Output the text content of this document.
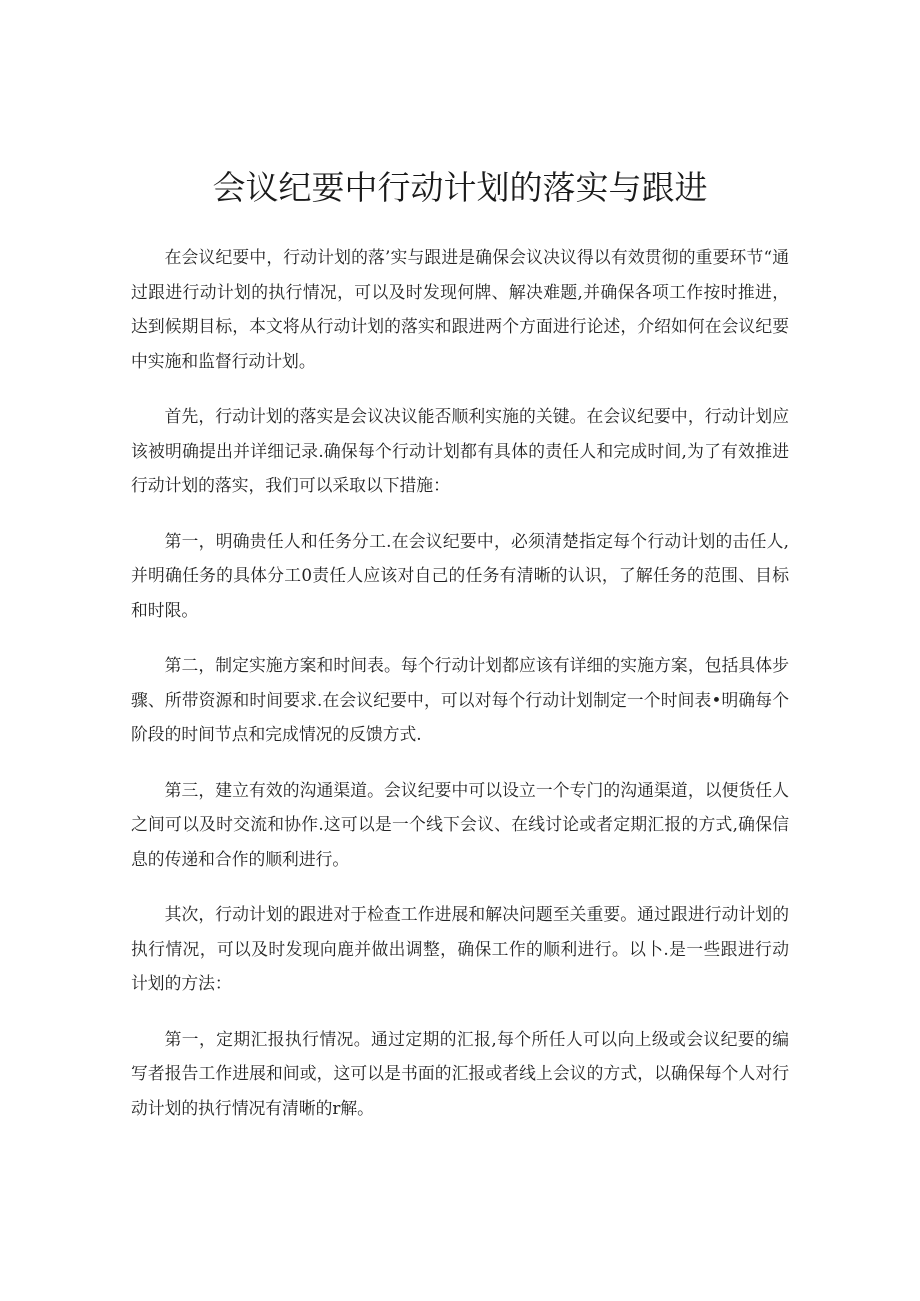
会议纪要中行动计划的落实与跟进

在会议纪要中，行动计划的落’实与跟进是确保会议决议得以有效贯彻的重要环节“通过跟进行动计划的执行情况，可以及时发现何牌、解决难题,并确保各项工作按时推进，达到候期目标，本文将从行动计划的落实和跟进两个方面进行论述，介绍如何在会议纪要中实施和监督行动计划。

首先，行动计划的落实是会议决议能否顺利实施的关键。在会议纪要中，行动计划应该被明确提出并详细记录.确保每个行动计划都有具体的责任人和完成时间,为了有效推进行动计划的落实，我们可以采取以下措施：

第一，明确贵任人和任务分工.在会议纪要中，必须清楚指定每个行动计划的击任人,并明确任务的具体分工0责任人应该对自己的任务有清晰的认识，了解任务的范围、目标和时限。

第二，制定实施方案和时间表。每个行动计划都应该有详细的实施方案，包括具体步骤、所带资源和时间要求.在会议纪要中，可以对每个行动计划制定一个时间表•明确每个阶段的时间节点和完成情况的反馈方式.

第三，建立有效的沟通渠道。会议纪要中可以设立一个专门的沟通渠道，以便货任人之间可以及时交流和协作.这可以是一个线下会议、在线讨论或者定期汇报的方式,确保信息的传递和合作的顺利进行。

其次，行动计划的跟进对于检查工作进展和解决问题至关重要。通过跟进行动计划的执行情况，可以及时发现向鹿并做出调整，确保工作的顺利进行。以卜.是一些跟进行动计划的方法：

第一，定期汇报执行情况。通过定期的汇报,每个所任人可以向上级或会议纪要的编写者报告工作进展和间或，这可以是书面的汇报或者线上会议的方式，以确保每个人对行动计划的执行情况有清晰的r解。
